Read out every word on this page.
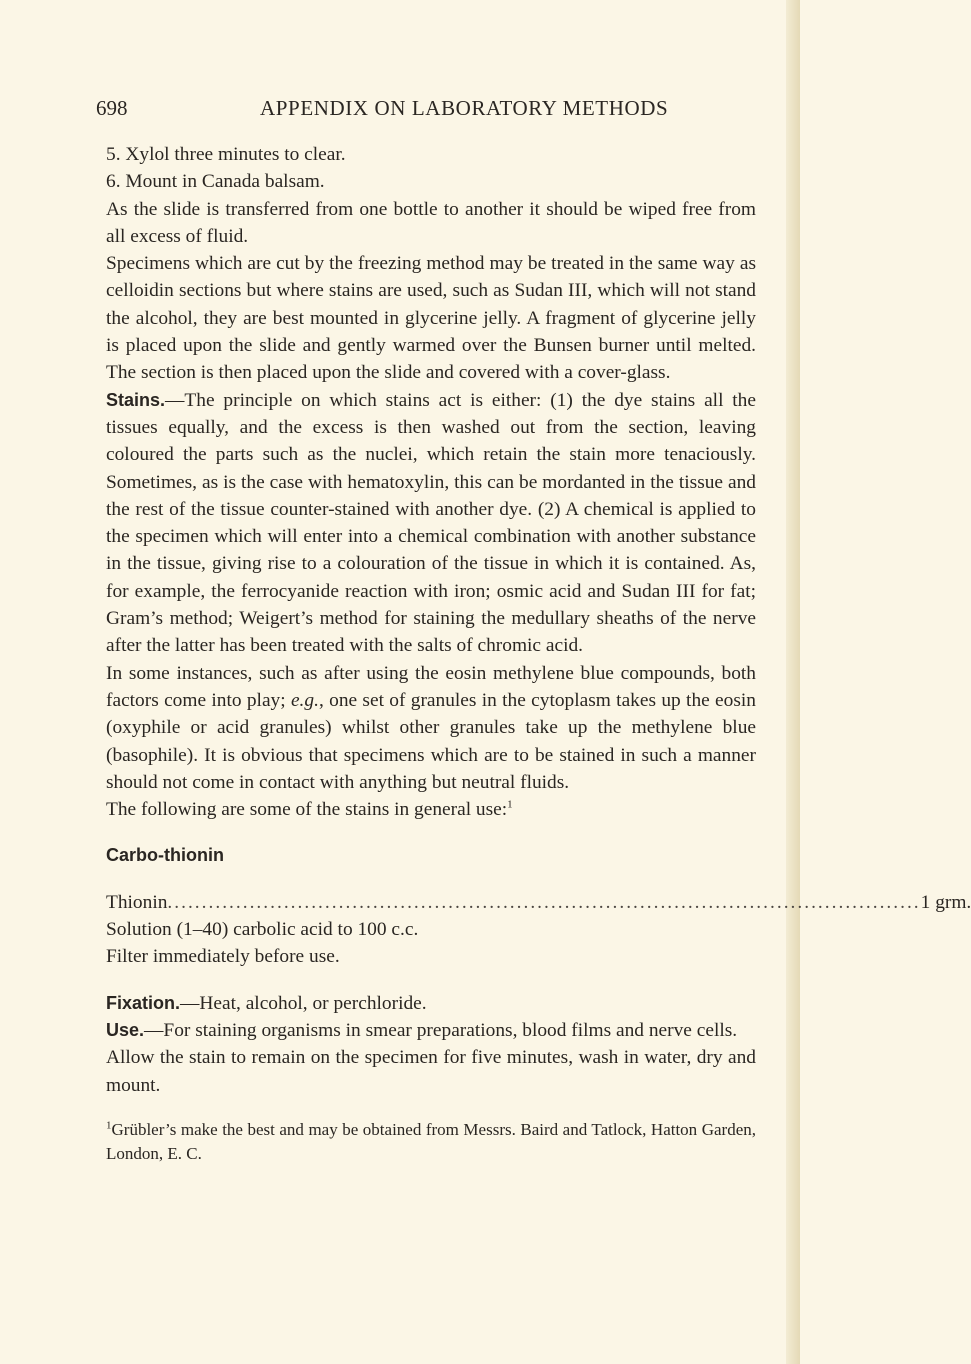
698	APPENDIX ON LABORATORY METHODS

5. Xylol three minutes to clear.

6. Mount in Canada balsam.

As the slide is transferred from one bottle to another it should be wiped free from all excess of fluid.

Specimens which are cut by the freezing method may be treated in the same way as celloidin sections but where stains are used, such as Sudan III, which will not stand the alcohol, they are best mounted in glycerine jelly. A fragment of glycerine jelly is placed upon the slide and gently warmed over the Bunsen burner until melted. The section is then placed upon the slide and covered with a cover-glass.

Stains.—The principle on which stains act is either: (1) the dye stains all the tissues equally, and the excess is then washed out from the section, leaving coloured the parts such as the nuclei, which retain the stain more tenaciously. Sometimes, as is the case with hematoxylin, this can be mordanted in the tissue and the rest of the tissue counter-stained with another dye. (2) A chemical is applied to the specimen which will enter into a chemical combination with another substance in the tissue, giving rise to a colouration of the tissue in which it is contained. As, for example, the ferrocyanide reaction with iron; osmic acid and Sudan III for fat; Gram’s method; Weigert’s method for staining the medullary sheaths of the nerve after the latter has been treated with the salts of chromic acid.

In some instances, such as after using the eosin methylene blue compounds, both factors come into play; e.g., one set of granules in the cytoplasm takes up the eosin (oxyphile or acid granules) whilst other granules take up the methylene blue (basophile). It is obvious that specimens which are to be stained in such a manner should not come in contact with anything but neutral fluids.

The following are some of the stains in general use:$^1$

Carbo-thionin

Thionin .............................................................................................................. 1 grm.

Solution (1–40) carbolic acid to 100 c.c.

Filter immediately before use.

Fixation.—Heat, alcohol, or perchloride.

Use.—For staining organisms in smear preparations, blood films and nerve cells.

Allow the stain to remain on the specimen for five minutes, wash in water, dry and mount.

$^1$Grübler’s make the best and may be obtained from Messrs. Baird and Tatlock, Hatton Garden, London, E. C.
